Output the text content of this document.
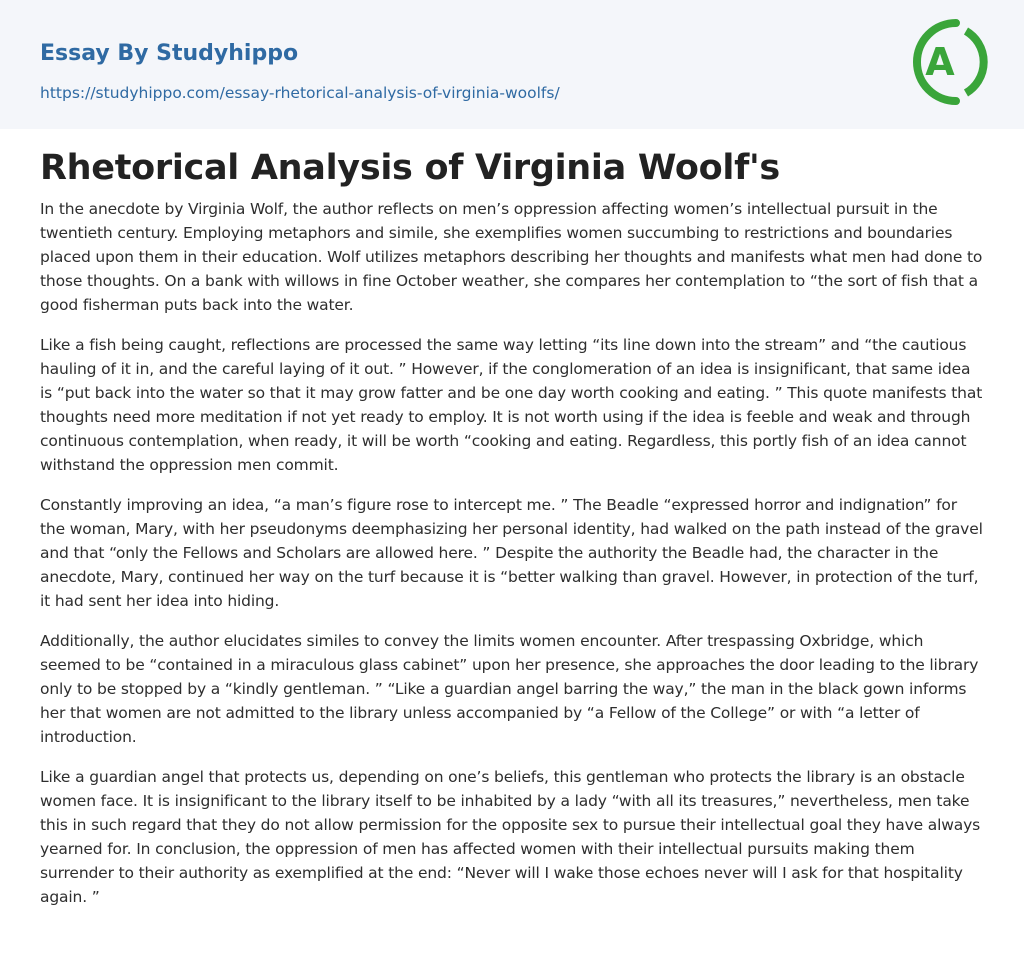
Essay By Studyhippo
https://studyhippo.com/essay-rhetorical-analysis-of-virginia-woolfs/
A
Rhetorical Analysis of Virginia Woolf's

In the anecdote by Virginia Wolf, the author reflects on men’s oppression affecting women’s intellectual pursuit in the twentieth century. Employing metaphors and simile, she exemplifies women succumbing to restrictions and boundaries placed upon them in their education. Wolf utilizes metaphors describing her thoughts and manifests what men had done to those thoughts. On a bank with willows in fine October weather, she compares her contemplation to “the sort of fish that a good fisherman puts back into the water.

Like a fish being caught, reflections are processed the same way letting “its line down into the stream” and “the cautious hauling of it in, and the careful laying of it out. ” However, if the conglomeration of an idea is insignificant, that same idea is “put back into the water so that it may grow fatter and be one day worth cooking and eating. ” This quote manifests that thoughts need more meditation if not yet ready to employ. It is not worth using if the idea is feeble and weak and through continuous contemplation, when ready, it will be worth “cooking and eating. Regardless, this portly fish of an idea cannot withstand the oppression men commit.

Constantly improving an idea, “a man’s figure rose to intercept me. ” The Beadle “expressed horror and indignation” for the woman, Mary, with her pseudonyms deemphasizing her personal identity, had walked on the path instead of the gravel and that “only the Fellows and Scholars are allowed here. ” Despite the authority the Beadle had, the character in the anecdote, Mary, continued her way on the turf because it is “better walking than gravel. However, in protection of the turf, it had sent her idea into hiding.

Additionally, the author elucidates similes to convey the limits women encounter. After trespassing Oxbridge, which seemed to be “contained in a miraculous glass cabinet” upon her presence, she approaches the door leading to the library only to be stopped by a “kindly gentleman. ” “Like a guardian angel barring the way,” the man in the black gown informs her that women are not admitted to the library unless accompanied by “a Fellow of the College” or with “a letter of introduction.

Like a guardian angel that protects us, depending on one’s beliefs, this gentleman who protects the library is an obstacle women face. It is insignificant to the library itself to be inhabited by a lady “with all its treasures,” nevertheless, men take this in such regard that they do not allow permission for the opposite sex to pursue their intellectual goal they have always yearned for. In conclusion, the oppression of men has affected women with their intellectual pursuits making them surrender to their authority as exemplified at the end: “Never will I wake those echoes never will I ask for that hospitality again. ”
